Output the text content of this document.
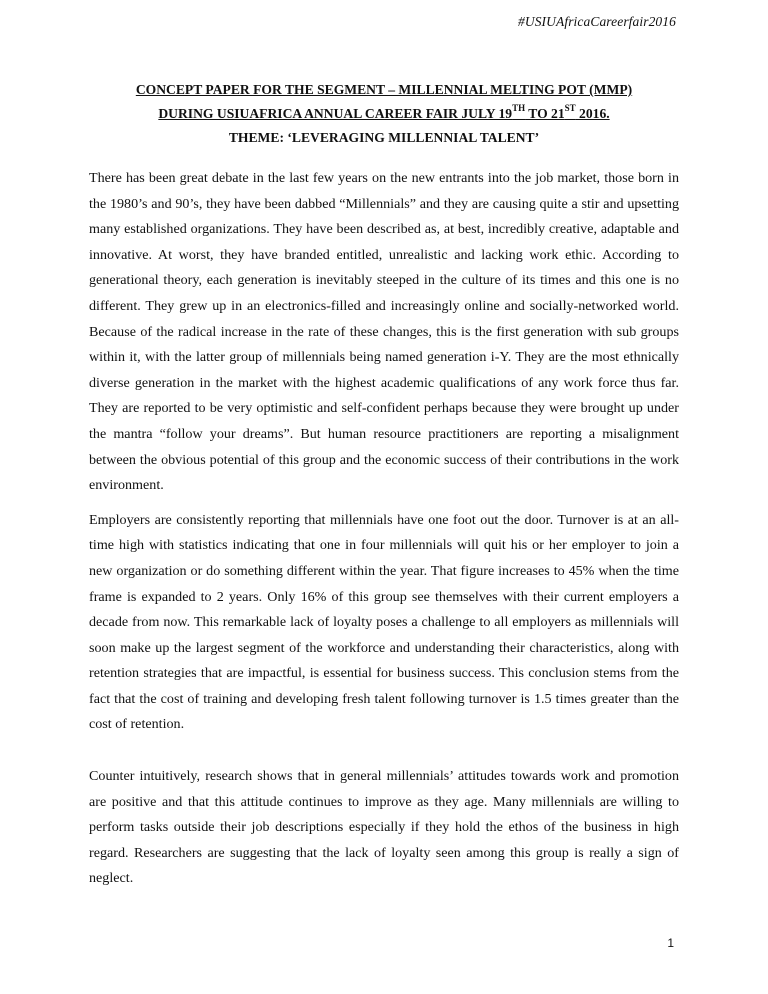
#USIUAfricaCareerfair2016
CONCEPT PAPER FOR THE SEGMENT – MILLENNIAL MELTING POT (MMP)
DURING USIUAFRICA ANNUAL CAREER FAIR JULY 19TH TO 21ST 2016.
THEME: ‘LEVERAGING MILLENNIAL TALENT’

There has been great debate in the last few years on the new entrants into the job market, those born in the 1980’s and 90’s, they have been dabbed “Millennials” and they are causing quite a stir and upsetting many established organizations. They have been described as, at best, incredibly creative, adaptable and innovative. At worst, they have branded entitled, unrealistic and lacking work ethic. According to generational theory, each generation is inevitably steeped in the culture of its times and this one is no different. They grew up in an electronics-filled and increasingly online and socially-networked world. Because of the radical increase in the rate of these changes, this is the first generation with sub groups within it, with the latter group of millennials being named generation i-Y. They are the most ethnically diverse generation in the market with the highest academic qualifications of any work force thus far. They are reported to be very optimistic and self-confident perhaps because they were brought up under the mantra “follow your dreams”. But human resource practitioners are reporting a misalignment between the obvious potential of this group and the economic success of their contributions in the work environment.

Employers are consistently reporting that millennials have one foot out the door. Turnover is at an all-time high with statistics indicating that one in four millennials will quit his or her employer to join a new organization or do something different within the year. That figure increases to 45% when the time frame is expanded to 2 years. Only 16% of this group see themselves with their current employers a decade from now. This remarkable lack of loyalty poses a challenge to all employers as millennials will soon make up the largest segment of the workforce and understanding their characteristics, along with retention strategies that are impactful, is essential for business success. This conclusion stems from the fact that the cost of training and developing fresh talent following turnover is 1.5 times greater than the cost of retention.

Counter intuitively, research shows that in general millennials’ attitudes towards work and promotion are positive and that this attitude continues to improve as they age. Many millennials are willing to perform tasks outside their job descriptions especially if they hold the ethos of the business in high regard. Researchers are suggesting that the lack of loyalty seen among this group is really a sign of neglect.

1
